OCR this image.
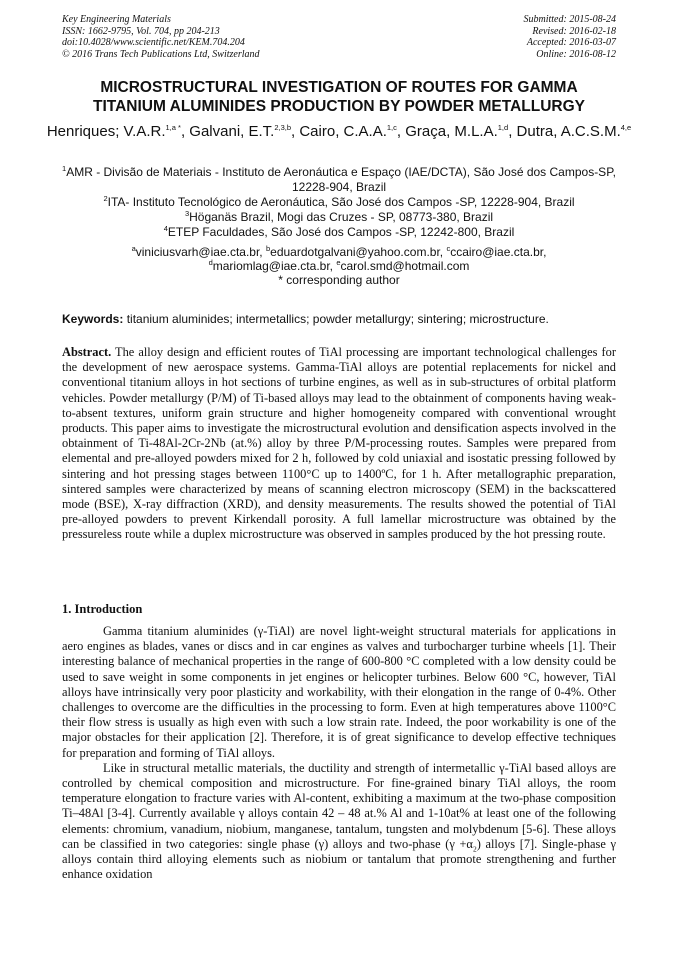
Key Engineering Materials
ISSN: 1662-9795, Vol. 704, pp 204-213
doi:10.4028/www.scientific.net/KEM.704.204
© 2016 Trans Tech Publications Ltd, Switzerland
Submitted: 2015-08-24
Revised: 2016-02-18
Accepted: 2016-03-07
Online: 2016-08-12
MICROSTRUCTURAL INVESTIGATION OF ROUTES FOR GAMMA
TITANIUM ALUMINIDES PRODUCTION BY POWDER METALLURGY
Henriques; V.A.R.$^{1,a *}$, Galvani, E.T.$^{2,3,b}$, Cairo, C.A.A.$^{1,c}$, Graça, M.L.A.$^{1,d}$, Dutra, A.C.S.M.$^{4,e}$
$^1$AMR - Divisão de Materiais - Instituto de Aeronáutica e Espaço (IAE/DCTA), São José dos Campos-SP, 12228-904, Brazil
$^2$ITA- Instituto Tecnológico de Aeronáutica, São José dos Campos -SP, 12228-904, Brazil
$^3$Höganäs Brazil, Mogi das Cruzes - SP, 08773-380, Brazil
$^4$ETEP Faculdades, São José dos Campos -SP, 12242-800, Brazil
$^a$viniciusvarh@iae.cta.br, $^b$eduardotgalvani@yahoo.com.br, $^c$ccairo@iae.cta.br,
$^d$mariomlag@iae.cta.br, $^e$carol.smd@hotmail.com
* corresponding author
Keywords: titanium aluminides; intermetallics; powder metallurgy; sintering; microstructure.
Abstract. The alloy design and efficient routes of TiAl processing are important technological challenges for the development of new aerospace systems. Gamma-TiAl alloys are potential replacements for nickel and conventional titanium alloys in hot sections of turbine engines, as well as in sub-structures of orbital platform vehicles. Powder metallurgy (P/M) of Ti-based alloys may lead to the obtainment of components having weak-to-absent textures, uniform grain structure and higher homogeneity compared with conventional wrought products. This paper aims to investigate the microstructural evolution and densification aspects involved in the obtainment of Ti-48Al-2Cr-2Nb (at.%) alloy by three P/M-processing routes. Samples were prepared from elemental and pre-alloyed powders mixed for 2 h, followed by cold uniaxial and isostatic pressing followed by sintering and hot pressing stages between 1100°C up to 1400ºC, for 1 h. After metallographic preparation, sintered samples were characterized by means of scanning electron microscopy (SEM) in the backscattered mode (BSE), X-ray diffraction (XRD), and density measurements. The results showed the potential of TiAl pre-alloyed powders to prevent Kirkendall porosity. A full lamellar microstructure was obtained by the pressureless route while a duplex microstructure was observed in samples produced by the hot pressing route.
1. Introduction

Gamma titanium aluminides (γ-TiAl) are novel light-weight structural materials for applications in aero engines as blades, vanes or discs and in car engines as valves and turbocharger turbine wheels [1]. Their interesting balance of mechanical properties in the range of 600-800 °C completed with a low density could be used to save weight in some components in jet engines or helicopter turbines. Below 600 °C, however, TiAl alloys have intrinsically very poor plasticity and workability, with their elongation in the range of 0-4%. Other challenges to overcome are the difficulties in the processing to form. Even at high temperatures above 1100°C their flow stress is usually as high even with such a low strain rate. Indeed, the poor workability is one of the major obstacles for their application [2]. Therefore, it is of great significance to develop effective techniques for preparation and forming of TiAl alloys.

Like in structural metallic materials, the ductility and strength of intermetallic γ-TiAl based alloys are controlled by chemical composition and microstructure. For fine-grained binary TiAl alloys, the room temperature elongation to fracture varies with Al-content, exhibiting a maximum at the two-phase composition Ti–48Al [3-4]. Currently available γ alloys contain 42 – 48 at.% Al and 1-10at% at least one of the following elements: chromium, vanadium, niobium, manganese, tantalum, tungsten and molybdenum [5-6]. These alloys can be classified in two categories: single phase (γ) alloys and two-phase $(\gamma +\alpha_2)$ alloys [7]. Single-phase γ alloys contain third alloying elements such as niobium or tantalum that promote strengthening and further enhance oxidation
